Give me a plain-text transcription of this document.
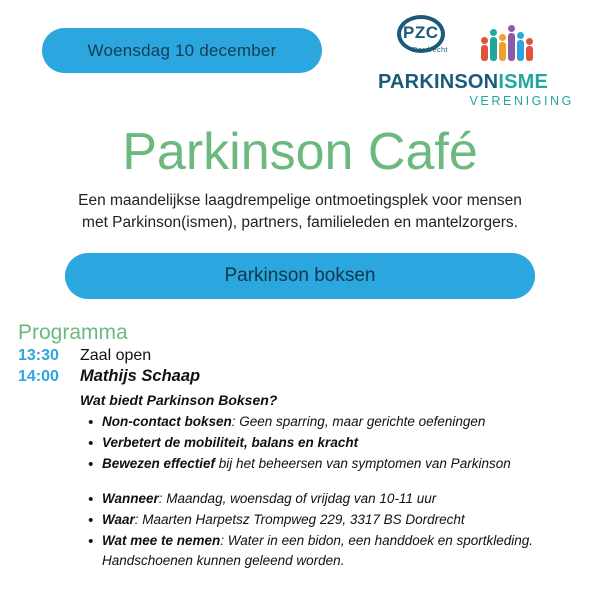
Woensdag 10 december
PZC
Dordrecht
PARKINSONISME
VERENIGING
Parkinson Café

Een maandelijkse laagdrempelige ontmoetingsplek voor mensen met Parkinson(ismen), partners, familieleden en mantelzorgers.

Parkinson boksen
Programma
13:30	Zaal open
14:00	Mathijs Schaap
Wat biedt Parkinson Boksen?
• Non-contact boksen: Geen sparring, maar gerichte oefeningen
• Verbetert de mobiliteit, balans en kracht
• Bewezen effectief bij het beheersen van symptomen van Parkinson
• Wanneer: Maandag, woensdag of vrijdag van 10-11 uur
• Waar: Maarten Harpetsz Trompweg 229, 3317 BS Dordrecht
• Wat mee te nemen: Water in een bidon, een handdoek en sportkleding.
Handschoenen kunnen geleend worden.
